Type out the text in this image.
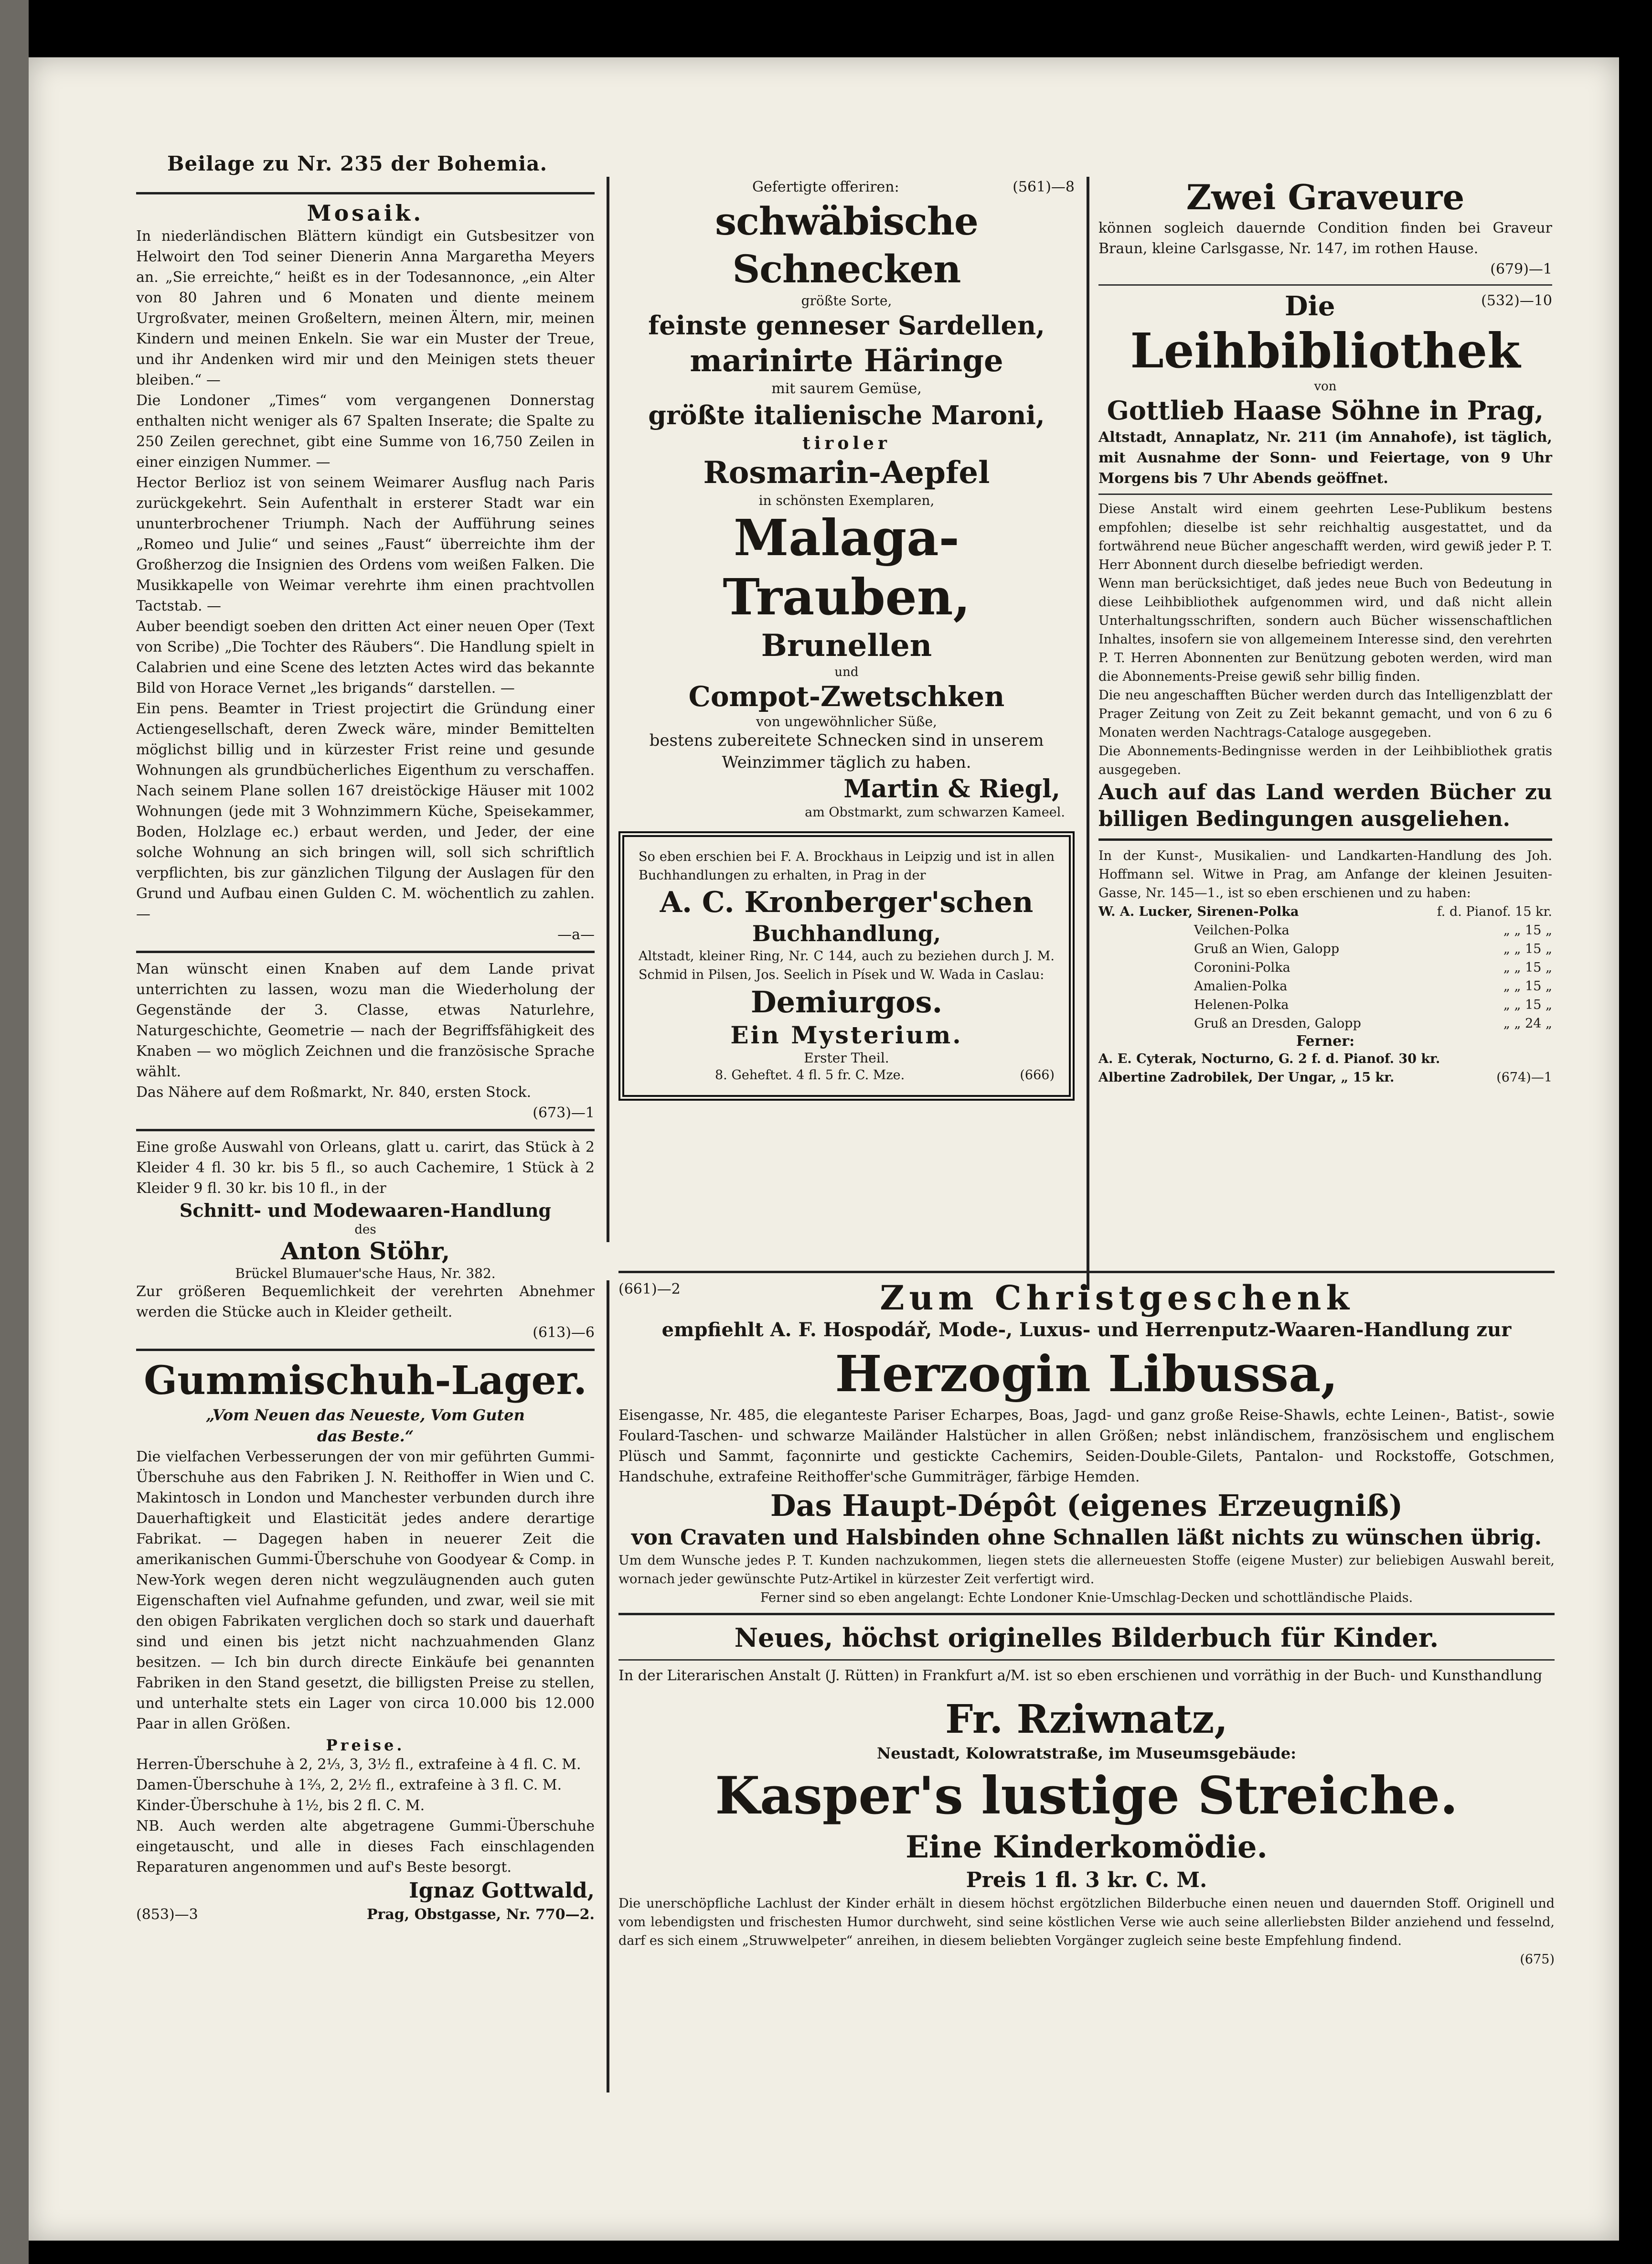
Beilage zu Nr. 235 der Bohemia.

Mosaik.

In niederländischen Blättern kündigt ein Gutsbesitzer von Helwoirt den Tod seiner Dienerin Anna Margaretha Meyers an. „Sie erreichte,“ heißt es in der Todesannonce, „ein Alter von 80 Jahren und 6 Monaten und diente meinem Urgroßvater, meinen Großeltern, meinen Ältern, mir, meinen Kindern und meinen Enkeln. Sie war ein Muster der Treue, und ihr Andenken wird mir und den Meinigen stets theuer bleiben.“ —

Die Londoner „Times“ vom vergangenen Donnerstag enthalten nicht weniger als 67 Spalten Inserate; die Spalte zu 250 Zeilen gerechnet, gibt eine Summe von 16,750 Zeilen in einer einzigen Nummer. —

Hector Berlioz ist von seinem Weimarer Ausflug nach Paris zurückgekehrt. Sein Aufenthalt in ersterer Stadt war ein ununterbrochener Triumph. Nach der Aufführung seines „Romeo und Julie“ und seines „Faust“ überreichte ihm der Großherzog die Insignien des Ordens vom weißen Falken. Die Musikkapelle von Weimar verehrte ihm einen prachtvollen Tactstab. —

Auber beendigt soeben den dritten Act einer neuen Oper (Text von Scribe) „Die Tochter des Räubers“. Die Handlung spielt in Calabrien und eine Scene des letzten Actes wird das bekannte Bild von Horace Vernet „les brigands“ darstellen. —

Ein pens. Beamter in Triest projectirt die Gründung einer Actiengesellschaft, deren Zweck wäre, minder Bemittelten möglichst billig und in kürzester Frist reine und gesunde Wohnungen als grundbücherliches Eigenthum zu verschaffen. Nach seinem Plane sollen 167 dreistöckige Häuser mit 1002 Wohnungen (jede mit 3 Wohnzimmern Küche, Speisekammer, Boden, Holzlage ec.) erbaut werden, und Jeder, der eine solche Wohnung an sich bringen will, soll sich schriftlich verpflichten, bis zur gänzlichen Tilgung der Auslagen für den Grund und Aufbau einen Gulden C. M. wöchentlich zu zahlen. —

—a—

Man wünscht einen Knaben auf dem Lande privat unterrichten zu lassen, wozu man die Wiederholung der Gegenstände der 3. Classe, etwas Naturlehre, Naturgeschichte, Geometrie — nach der Begriffsfähigkeit des Knaben — wo möglich Zeichnen und die französische Sprache wählt.

Das Nähere auf dem Roßmarkt, Nr. 840, ersten Stock.

(673)—1

Eine große Auswahl von Orleans, glatt u. carirt, das Stück à 2 Kleider 4 fl. 30 kr. bis 5 fl., so auch Cachemire, 1 Stück à 2 Kleider 9 fl. 30 kr. bis 10 fl., in der

Schnitt- und Modewaaren-Handlung

des

Anton Stöhr,

Brückel Blumauer'sche Haus, Nr. 382.

Zur größeren Bequemlichkeit der verehrten Abnehmer werden die Stücke auch in Kleider getheilt.

(613)—6

Gummischuh-Lager.

„Vom Neuen das Neueste, Vom Guten das Beste.“

Die vielfachen Verbesserungen der von mir geführten Gummi-Überschuhe aus den Fabriken J. N. Reithoffer in Wien und C. Makintosch in London und Manchester verbunden durch ihre Dauerhaftigkeit und Elasticität jedes andere derartige Fabrikat. — Dagegen haben in neuerer Zeit die amerikanischen Gummi-Überschuhe von Goodyear & Comp. in New-York wegen deren nicht wegzuläugnenden auch guten Eigenschaften viel Aufnahme gefunden, und zwar, weil sie mit den obigen Fabrikaten verglichen doch so stark und dauerhaft sind und einen bis jetzt nicht nachzuahmenden Glanz besitzen. — Ich bin durch directe Einkäufe bei genannten Fabriken in den Stand gesetzt, die billigsten Preise zu stellen, und unterhalte stets ein Lager von circa 10.000 bis 12.000 Paar in allen Größen.

Preise.

Herren-Überschuhe à 2, 2⅓, 3, 3½ fl., extrafeine à 4 fl. C. M.

Damen-Überschuhe à 1⅔, 2, 2½ fl., extrafeine à 3 fl. C. M.

Kinder-Überschuhe à 1½, bis 2 fl. C. M.

NB. Auch werden alte abgetragene Gummi-Überschuhe eingetauscht, und alle in dieses Fach einschlagenden Reparaturen angenommen und auf's Beste besorgt.

Ignaz Gottwald,

(853)—3	Prag, Obstgasse, Nr. 770—2.
Gefertigte offeriren:	(561)—8

schwäbische Schnecken

größte Sorte,

feinste genneser Sardellen,

marinirte Häringe

mit saurem Gemüse,

größte italienische Maroni,

tiroler

Rosmarin-Aepfel

in schönsten Exemplaren,

Malaga-Trauben,

Brunellen

und

Compot-Zwetschken

von ungewöhnlicher Süße,

bestens zubereitete Schnecken sind in unserem Weinzimmer täglich zu haben.

Martin & Riegl,

am Obstmarkt, zum schwarzen Kameel.

So eben erschien bei F. A. Brockhaus in Leipzig und ist in allen Buchhandlungen zu erhalten, in Prag in der

A. C. Kronberger'schen

Buchhandlung,

Altstadt, kleiner Ring, Nr. C 144, auch zu beziehen durch J. M. Schmid in Pilsen, Jos. Seelich in Písek und W. Wada in Caslau:

Demiurgos.

Ein Mysterium.

Erster Theil.

8. Geheftet. 4 fl. 5 fr. C. Mze.	(666)

Zwei Graveure

können sogleich dauernde Condition finden bei Graveur Braun, kleine Carlsgasse, Nr. 147, im rothen Hause.

(679)—1

Die	(532)—10

Leihbibliothek

von

Gottlieb Haase Söhne in Prag,

Altstadt, Annaplatz, Nr. 211 (im Annahofe), ist täglich, mit Ausnahme der Sonn- und Feiertage, von 9 Uhr Morgens bis 7 Uhr Abends geöffnet.

Diese Anstalt wird einem geehrten Lese-Publikum bestens empfohlen; dieselbe ist sehr reichhaltig ausgestattet, und da fortwährend neue Bücher angeschafft werden, wird gewiß jeder P. T. Herr Abonnent durch dieselbe befriedigt werden.

Wenn man berücksichtiget, daß jedes neue Buch von Bedeutung in diese Leihbibliothek aufgenommen wird, und daß nicht allein Unterhaltungsschriften, sondern auch Bücher wissenschaftlichen Inhaltes, insofern sie von allgemeinem Interesse sind, den verehrten P. T. Herren Abonnenten zur Benützung geboten werden, wird man die Abonnements-Preise gewiß sehr billig finden.

Die neu angeschafften Bücher werden durch das Intelligenzblatt der Prager Zeitung von Zeit zu Zeit bekannt gemacht, und von 6 zu 6 Monaten werden Nachtrags-Cataloge ausgegeben.

Die Abonnements-Bedingnisse werden in der Leihbibliothek gratis ausgegeben.

Auch auf das Land werden Bücher zu billigen Bedingungen ausgeliehen.

In der Kunst-, Musikalien- und Landkarten-Handlung des Joh. Hoffmann sel. Witwe in Prag, am Anfange der kleinen Jesuiten-Gasse, Nr. 145—1., ist so eben erschienen und zu haben:

W. A. Lucker, Sirenen-Polka	f. d. Pianof. 15 kr.
Veilchen-Polka	„ „ 15 „
Gruß an Wien, Galopp	„ „ 15 „
Coronini-Polka	„ „ 15 „
Amalien-Polka	„ „ 15 „
Helenen-Polka	„ „ 15 „
Gruß an Dresden, Galopp	„ „ 24 „

Ferner:

A. E. Cyterak, Nocturno, G. 2 f. d. Pianof. 30 kr.

Albertine Zadrobilek, Der Ungar, „ 15 kr.	(674)—1
(661)—2	Zum Christgeschenk

empfiehlt A. F. Hospodář, Mode-, Luxus- und Herrenputz-Waaren-Handlung zur

Herzogin Libussa,

Eisengasse, Nr. 485, die eleganteste Pariser Echarpes, Boas, Jagd- und ganz große Reise-Shawls, echte Leinen-, Batist-, sowie Foulard-Taschen- und schwarze Mailänder Halstücher in allen Größen; nebst inländischem, französischem und englischem Plüsch und Sammt, façonnirte und gestickte Cachemirs, Seiden-Double-Gilets, Pantalon- und Rockstoffe, Gotschmen, Handschuhe, extrafeine Reithoffer'sche Gummiträger, färbige Hemden.

Das Haupt-Dépôt (eigenes Erzeugniß)

von Cravaten und Halsbinden ohne Schnallen läßt nichts zu wünschen übrig.

Um dem Wunsche jedes P. T. Kunden nachzukommen, liegen stets die allerneuesten Stoffe (eigene Muster) zur beliebigen Auswahl bereit, wornach jeder gewünschte Putz-Artikel in kürzester Zeit verfertigt wird.

Ferner sind so eben angelangt: Echte Londoner Knie-Umschlag-Decken und schottländische Plaids.

Neues, höchst originelles Bilderbuch für Kinder.

In der Literarischen Anstalt (J. Rütten) in Frankfurt a/M. ist so eben erschienen und vorräthig in der Buch- und Kunsthandlung

Fr. Rziwnatz,

Neustadt, Kolowratstraße, im Museumsgebäude:

Kasper's lustige Streiche.

Eine Kinderkomödie.

Preis 1 fl. 3 kr. C. M.

Die unerschöpfliche Lachlust der Kinder erhält in diesem höchst ergötzlichen Bilderbuche einen neuen und dauernden Stoff. Originell und vom lebendigsten und frischesten Humor durchweht, sind seine köstlichen Verse wie auch seine allerliebsten Bilder anziehend und fesselnd, darf es sich einem „Struwwelpeter“ anreihen, in diesem beliebten Vorgänger zugleich seine beste Empfehlung findend.

(675)
